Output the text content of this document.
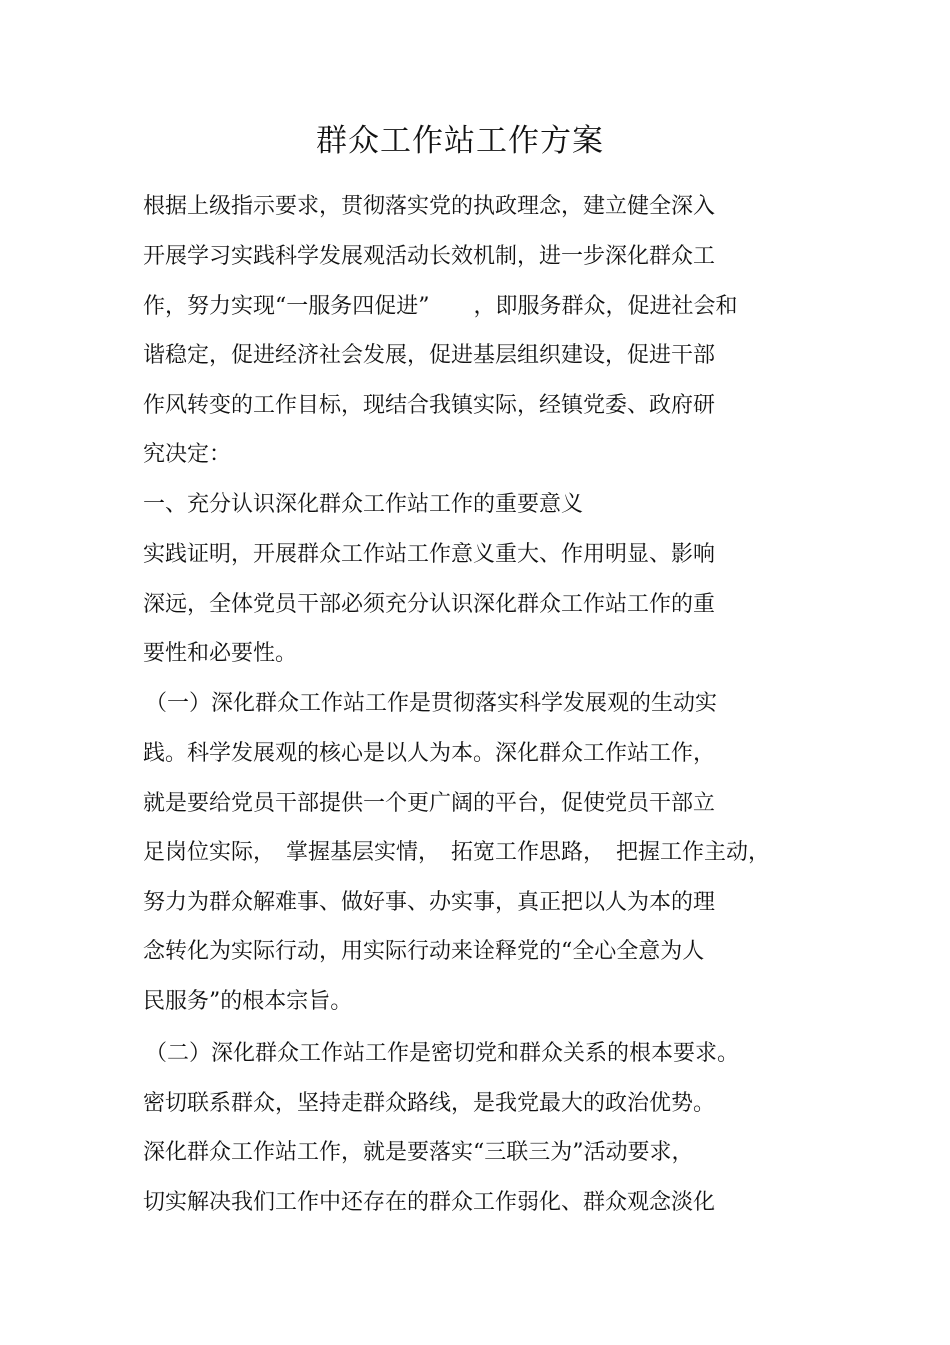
群众工作站工作方案
根据上级指示要求，贯彻落实党的执政理念，建立健全深入
开展学习实践科学发展观活动长效机制，进一步深化群众工
作，努力实现“一服务四促进”　　，即服务群众，促进社会和
谐稳定，促进经济社会发展，促进基层组织建设，促进干部
作风转变的工作目标，现结合我镇实际，经镇党委、政府研
究决定：
一、充分认识深化群众工作站工作的重要意义
实践证明，开展群众工作站工作意义重大、作用明显、影响
深远，全体党员干部必须充分认识深化群众工作站工作的重
要性和必要性。
（一）深化群众工作站工作是贯彻落实科学发展观的生动实
践。科学发展观的核心是以人为本。深化群众工作站工作，
就是要给党员干部提供一个更广阔的平台，促使党员干部立
足岗位实际，　掌握基层实情，　拓宽工作思路，　把握工作主动，
努力为群众解难事、做好事、办实事，真正把以人为本的理
念转化为实际行动，用实际行动来诠释党的“全心全意为人
民服务”的根本宗旨。
（二）深化群众工作站工作是密切党和群众关系的根本要求。
密切联系群众，坚持走群众路线，是我党最大的政治优势。
深化群众工作站工作，就是要落实“三联三为”活动要求，
切实解决我们工作中还存在的群众工作弱化、群众观念淡化
